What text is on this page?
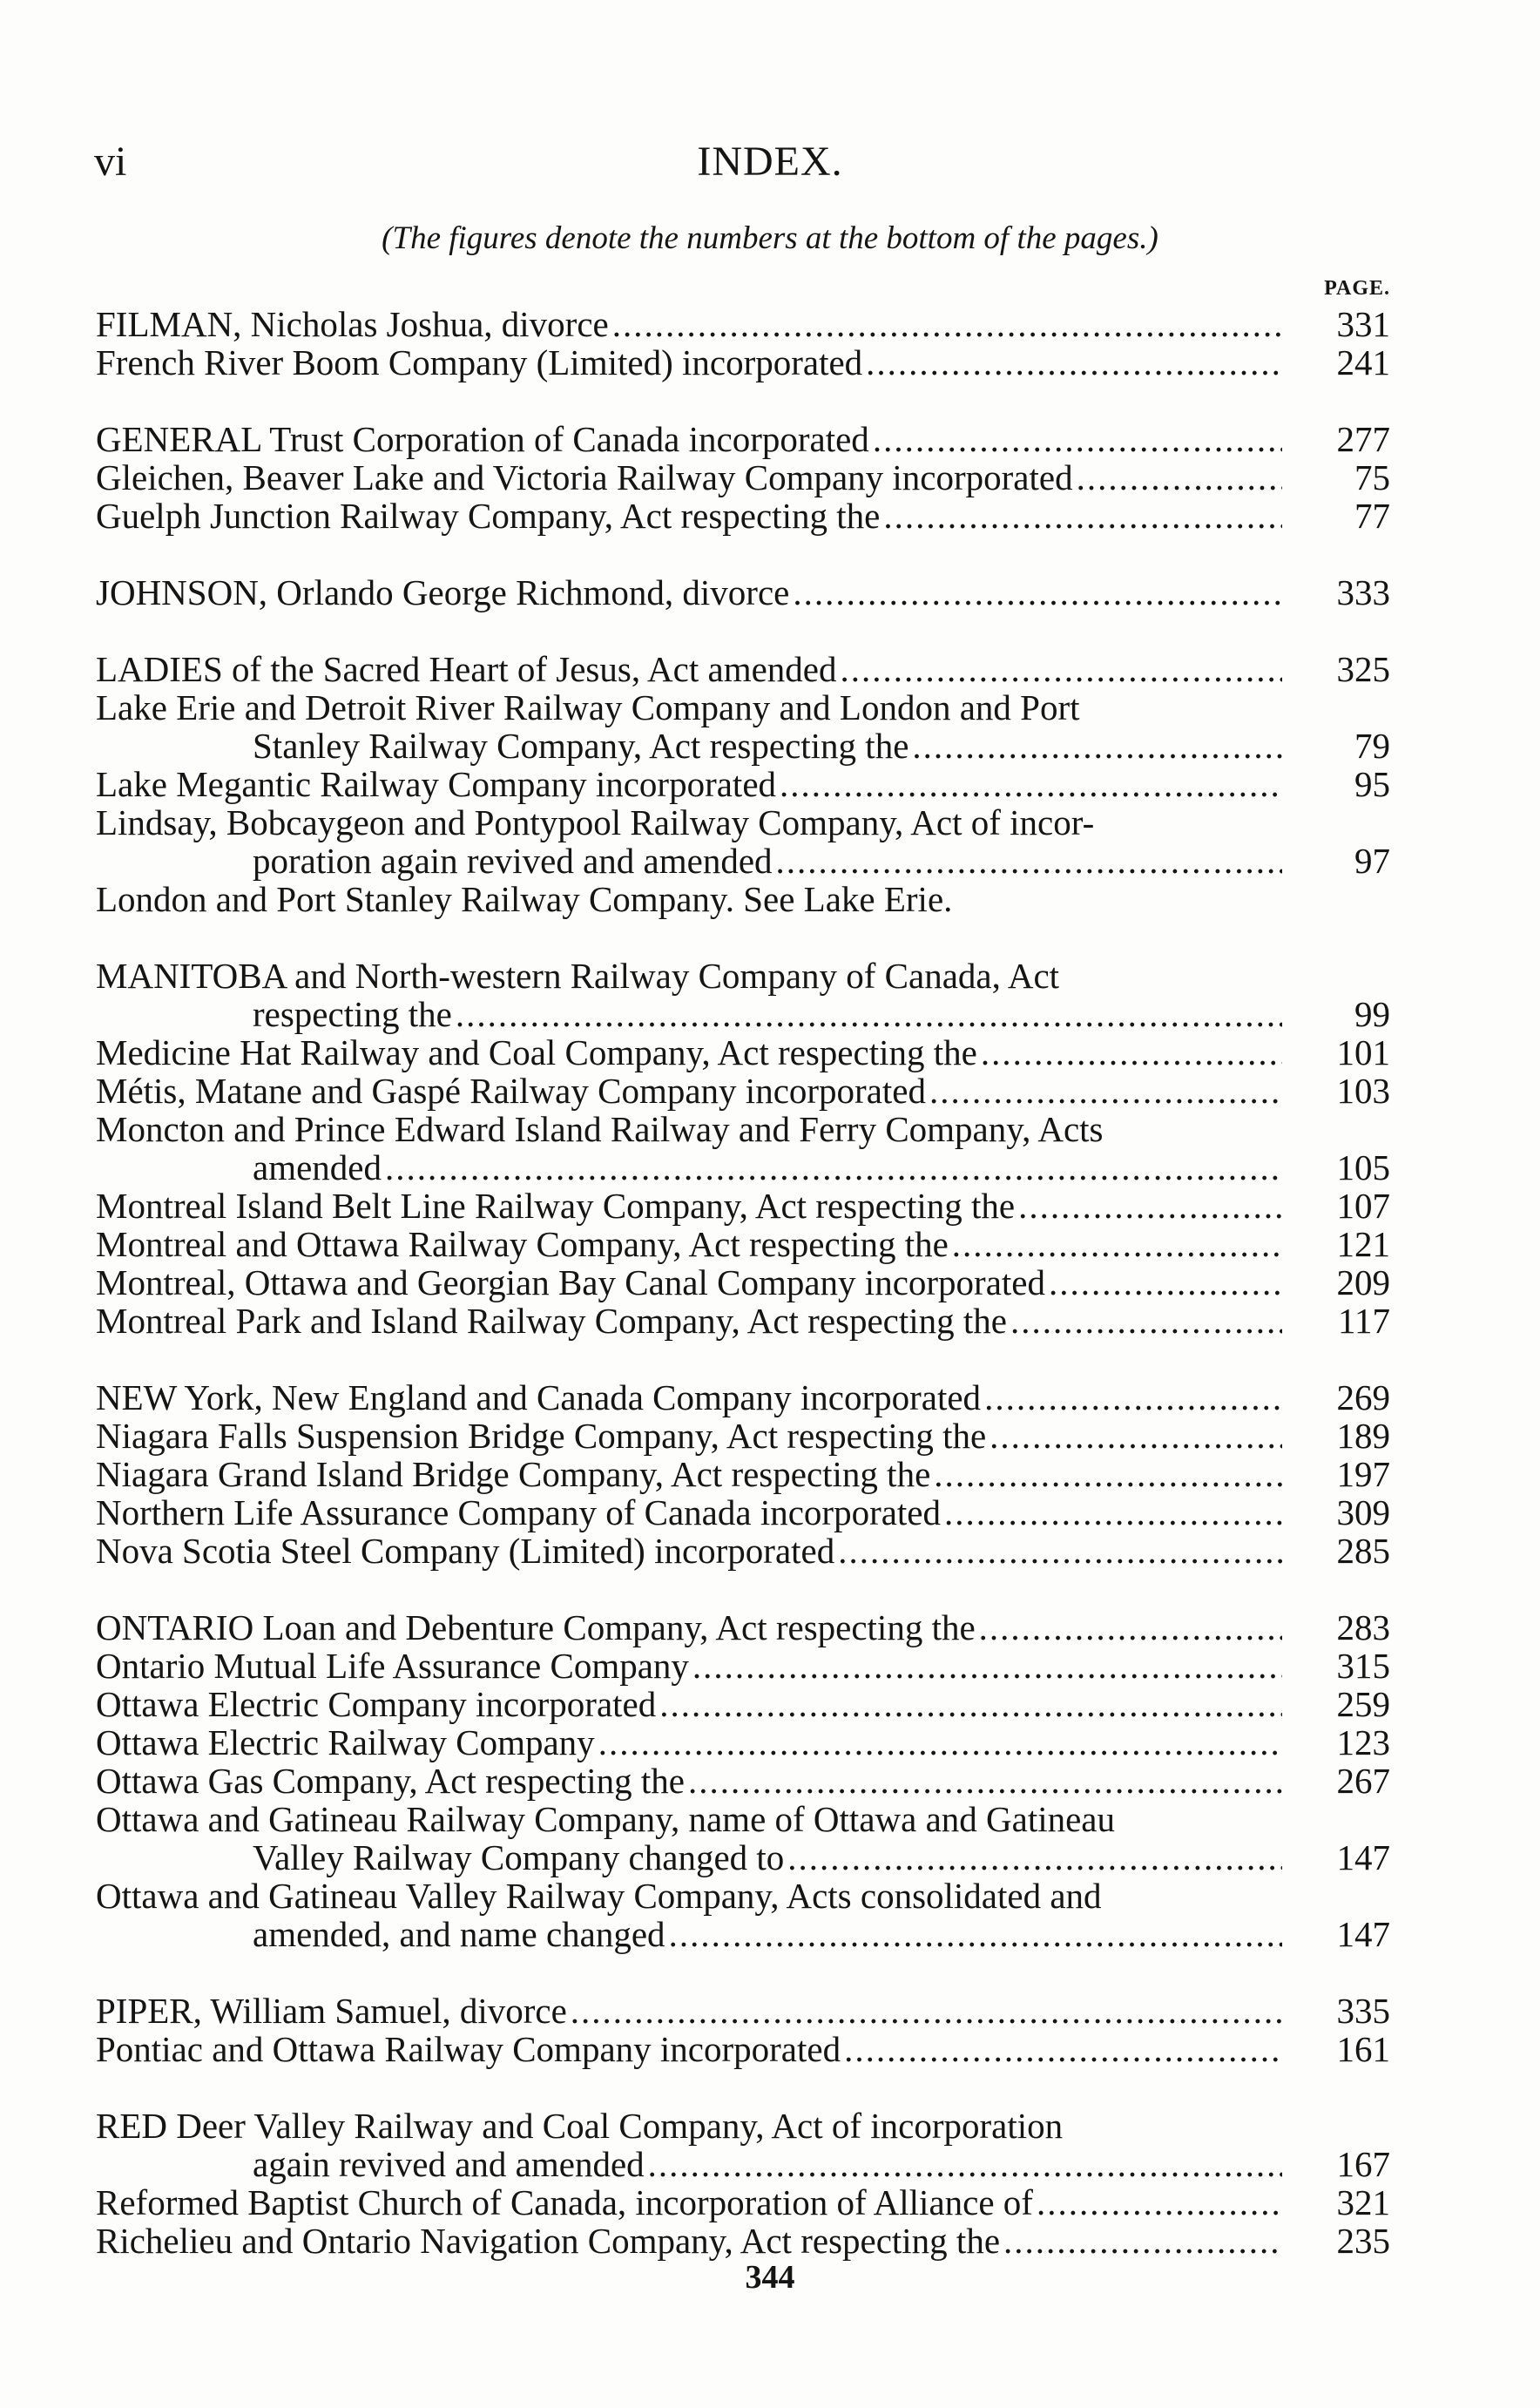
vi	INDEX.
(The figures denote the numbers at the bottom of the pages.)
PAGE.
FILMAN, Nicholas Joshua, divorce .....	331
French River Boom Company (Limited) incorporated .....	241
GENERAL Trust Corporation of Canada incorporated .....	277
Gleichen, Beaver Lake and Victoria Railway Company incorporated .....	75
Guelph Junction Railway Company, Act respecting the .....	77
JOHNSON, Orlando George Richmond, divorce .....	333
LADIES of the Sacred Heart of Jesus, Act amended .....	325
Lake Erie and Detroit River Railway Company and London and Port
Stanley Railway Company, Act respecting the .....	79
Lake Megantic Railway Company incorporated .....	95
Lindsay, Bobcaygeon and Pontypool Railway Company, Act of incor-
poration again revived and amended .....	97
London and Port Stanley Railway Company. See Lake Erie.
MANITOBA and North-western Railway Company of Canada, Act
respecting the .....	99
Medicine Hat Railway and Coal Company, Act respecting the .....	101
Métis, Matane and Gaspé Railway Company incorporated .....	103
Moncton and Prince Edward Island Railway and Ferry Company, Acts
amended .....	105
Montreal Island Belt Line Railway Company, Act respecting the .....	107
Montreal and Ottawa Railway Company, Act respecting the .....	121
Montreal, Ottawa and Georgian Bay Canal Company incorporated .....	209
Montreal Park and Island Railway Company, Act respecting the .....	117
NEW York, New England and Canada Company incorporated .....	269
Niagara Falls Suspension Bridge Company, Act respecting the .....	189
Niagara Grand Island Bridge Company, Act respecting the .....	197
Northern Life Assurance Company of Canada incorporated .....	309
Nova Scotia Steel Company (Limited) incorporated .....	285
ONTARIO Loan and Debenture Company, Act respecting the .....	283
Ontario Mutual Life Assurance Company .....	315
Ottawa Electric Company incorporated .....	259
Ottawa Electric Railway Company .....	123
Ottawa Gas Company, Act respecting the .....	267
Ottawa and Gatineau Railway Company, name of Ottawa and Gatineau
Valley Railway Company changed to .....	147
Ottawa and Gatineau Valley Railway Company, Acts consolidated and
amended, and name changed .....	147
PIPER, William Samuel, divorce .....	335
Pontiac and Ottawa Railway Company incorporated .....	161
RED Deer Valley Railway and Coal Company, Act of incorporation
again revived and amended .....	167
Reformed Baptist Church of Canada, incorporation of Alliance of .....	321
Richelieu and Ontario Navigation Company, Act respecting the .....	235
344
